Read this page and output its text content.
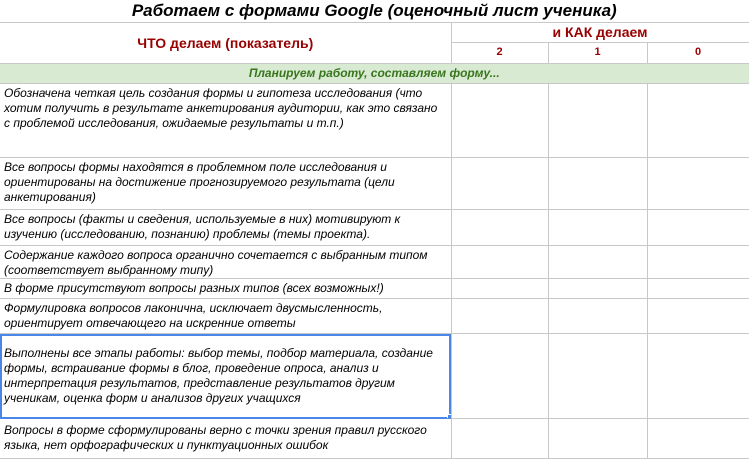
Работаем с формами Google (оценочный лист ученика)			
ЧТО делаем (показатель)	и КАК делаем		
	2	1	0
Планируем работу, составляем форму...			
Обозначена четкая цель создания формы и гипотеза исследования (что хотим получить в результате анкетирования аудитории, как это связано с проблемой исследования, ожидаемые результаты и т.п.)			
Все вопросы формы находятся в проблемном поле исследования и ориентированы на достижение прогнозируемого результата (цели анкетирования)			
Все вопросы (факты и сведения, используемые в них) мотивируют к изучению (исследованию, познанию) проблемы (темы проекта).			
Содержание каждого вопроса органично сочетается с выбранным типом (соответствует выбранному типу)			
В форме присутствуют вопросы разных типов (всех возможных!)			
Формулировка вопросов лаконична, исключает двусмысленность, ориентирует отвечающего на искренние ответы			
Выполнены все этапы работы: выбор темы, подбор материала, создание формы, встраивание формы в блог, проведение опроса, анализ и интерпретация результатов, представление результатов другим ученикам, оценка форм и анализов других учащихся

Вопросы в форме сформулированы верно с точки зрения правил русского языка, нет орфографических и пунктуационных ошибок			
